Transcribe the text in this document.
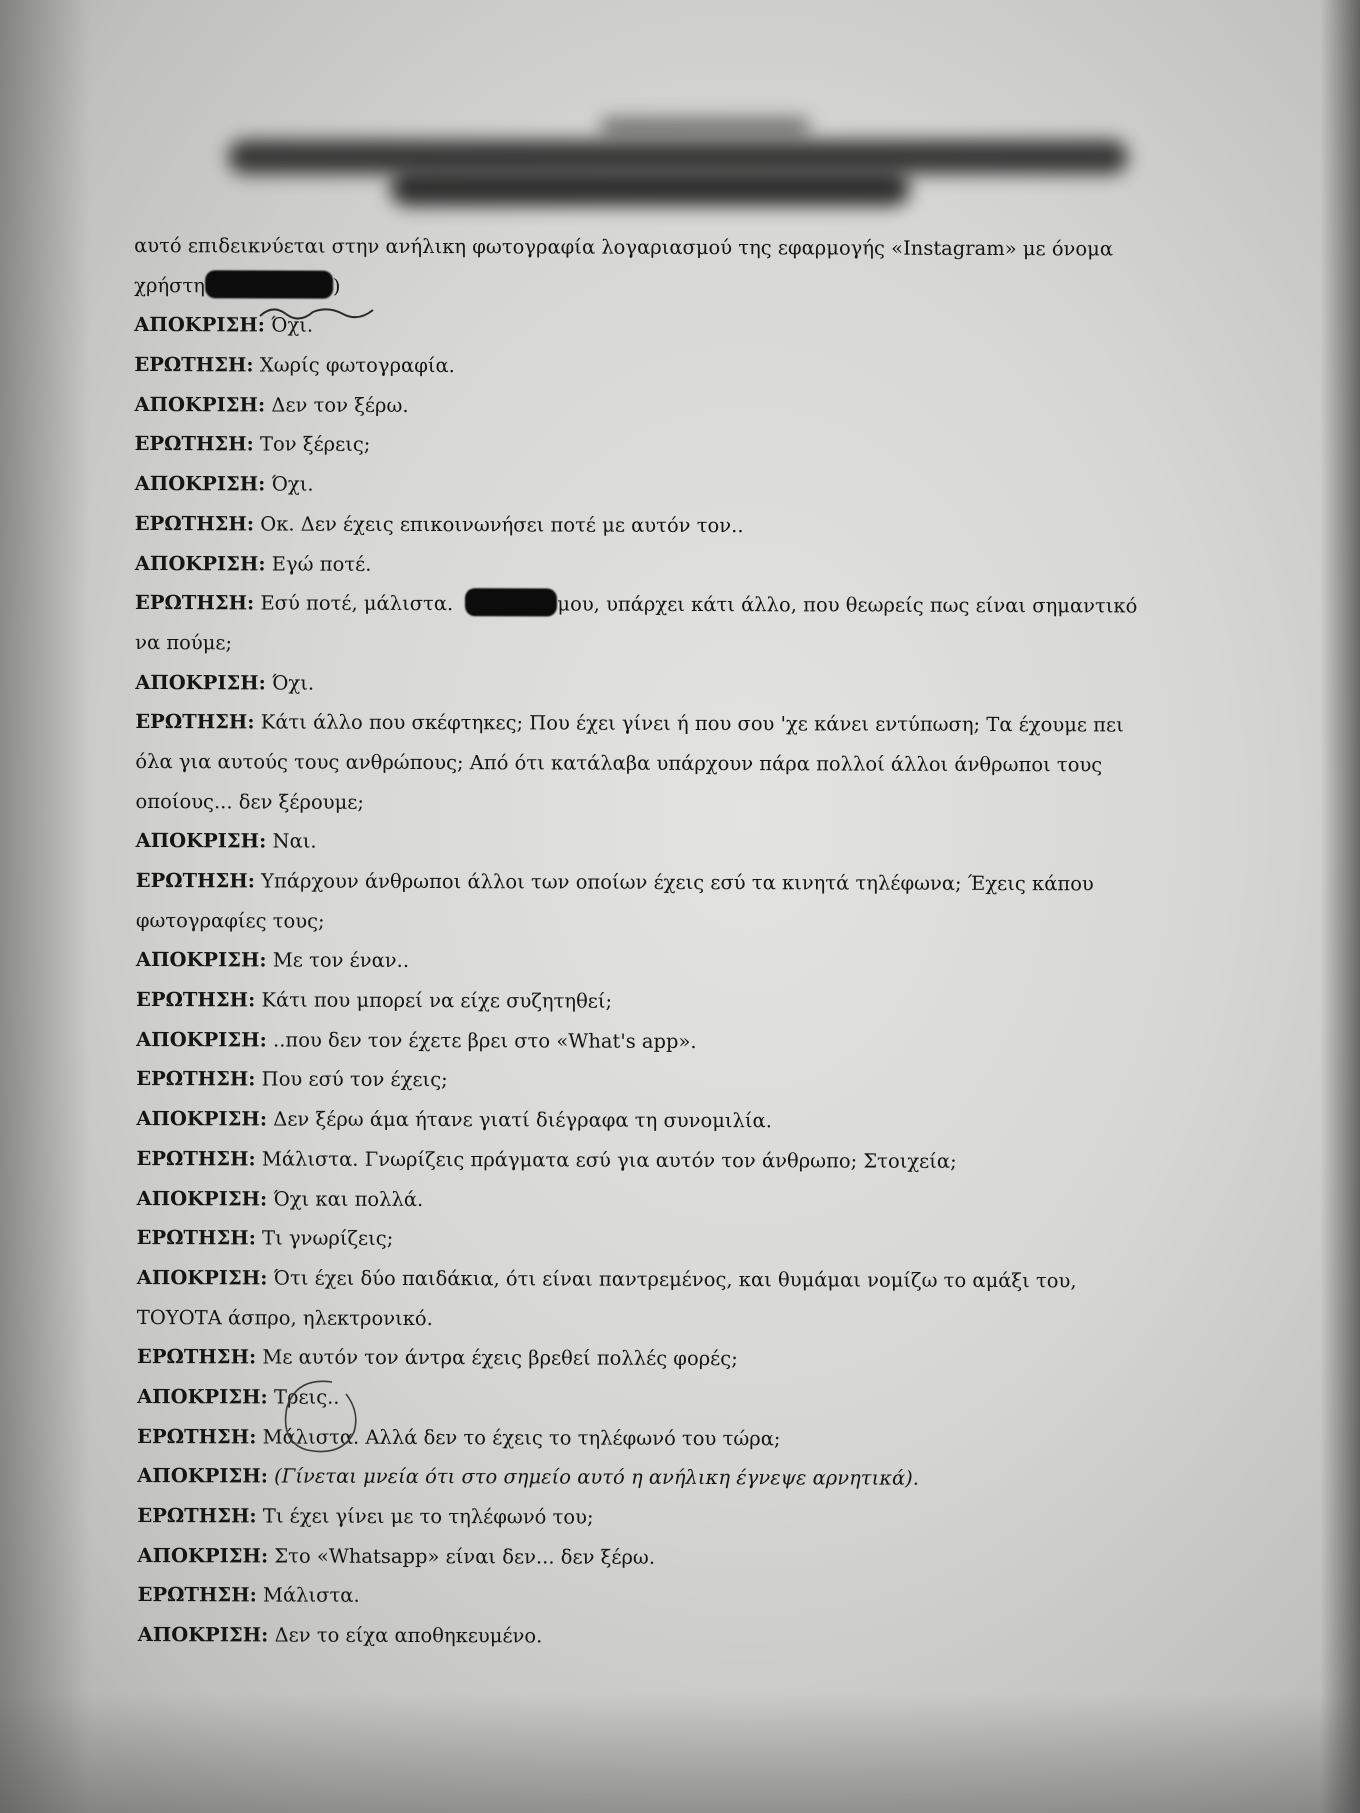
αυτό επιδεικνύεται στην ανήλικη φωτογραφία λογαριασμού της εφαρμογής «Instagram» με όνομα
χρήστη	)
ΑΠΟΚΡΙΣΗ: Όχι.
ΕΡΩΤΗΣΗ: Χωρίς φωτογραφία.
ΑΠΟΚΡΙΣΗ: Δεν τον ξέρω.
ΕΡΩΤΗΣΗ: Τον ξέρεις;
ΑΠΟΚΡΙΣΗ: Όχι.
ΕΡΩΤΗΣΗ: Οκ. Δεν έχεις επικοινωνήσει ποτέ με αυτόν τον..
ΑΠΟΚΡΙΣΗ: Εγώ ποτέ.
ΕΡΩΤΗΣΗ: Εσύ ποτέ, μάλιστα.	μου, υπάρχει κάτι άλλο, που θεωρείς πως είναι σημαντικό
να πούμε;
ΑΠΟΚΡΙΣΗ: Όχι.
ΕΡΩΤΗΣΗ: Κάτι άλλο που σκέφτηκες; Που έχει γίνει ή που σου 'χε κάνει εντύπωση; Τα έχουμε πει
όλα για αυτούς τους ανθρώπους; Από ότι κατάλαβα υπάρχουν πάρα πολλοί άλλοι άνθρωποι τους
οποίους... δεν ξέρουμε;
ΑΠΟΚΡΙΣΗ: Ναι.
ΕΡΩΤΗΣΗ: Υπάρχουν άνθρωποι άλλοι των οποίων έχεις εσύ τα κινητά τηλέφωνα; Έχεις κάπου
φωτογραφίες τους;
ΑΠΟΚΡΙΣΗ: Με τον έναν..
ΕΡΩΤΗΣΗ: Κάτι που μπορεί να είχε συζητηθεί;
ΑΠΟΚΡΙΣΗ: ..που δεν τον έχετε βρει στο «What's app».
ΕΡΩΤΗΣΗ: Που εσύ τον έχεις;
ΑΠΟΚΡΙΣΗ: Δεν ξέρω άμα ήτανε γιατί διέγραφα τη συνομιλία.
ΕΡΩΤΗΣΗ: Μάλιστα. Γνωρίζεις πράγματα εσύ για αυτόν τον άνθρωπο; Στοιχεία;
ΑΠΟΚΡΙΣΗ: Όχι και πολλά.
ΕΡΩΤΗΣΗ: Τι γνωρίζεις;
ΑΠΟΚΡΙΣΗ: Ότι έχει δύο παιδάκια, ότι είναι παντρεμένος, και θυμάμαι νομίζω το αμάξι του,
ΤΟΥΟΤΑ άσπρο, ηλεκτρονικό.
ΕΡΩΤΗΣΗ: Με αυτόν τον άντρα έχεις βρεθεί πολλές φορές;
ΑΠΟΚΡΙΣΗ: Τρεις..
ΕΡΩΤΗΣΗ: Μάλιστα. Αλλά δεν το έχεις το τηλέφωνό του τώρα;
ΑΠΟΚΡΙΣΗ: (Γίνεται μνεία ότι στο σημείο αυτό η ανήλικη έγνεψε αρνητικά).
ΕΡΩΤΗΣΗ: Τι έχει γίνει με το τηλέφωνό του;
ΑΠΟΚΡΙΣΗ: Στο «Whatsapp» είναι δεν... δεν ξέρω.
ΕΡΩΤΗΣΗ: Μάλιστα.
ΑΠΟΚΡΙΣΗ: Δεν το είχα αποθηκευμένο.
